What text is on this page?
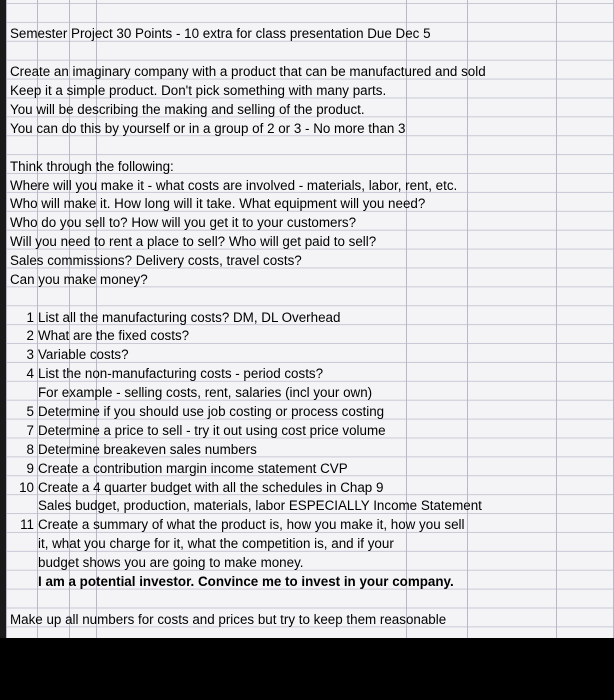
Semester Project 30 Points - 10 extra for class presentation Due Dec 5
Create an imaginary company with a product that can be manufactured and sold
Keep it a simple product. Don't pick something with many parts.
You will be describing the making and selling of the product.
You can do this by yourself or in a group of 2 or 3 - No more than 3
Think through the following:
Where will you make it - what costs are involved - materials, labor, rent, etc.
Who will make it. How long will it take. What equipment will you need?
Who do you sell to? How will you get it to your customers?
Will you need to rent a place to sell? Who will get paid to sell?
Sales commissions? Delivery costs, travel costs?
Can you make money?
1 List all the manufacturing costs? DM, DL Overhead
2 What are the fixed costs?
3 Variable costs?
4 List the non-manufacturing costs - period costs?
For example - selling costs, rent, salaries (incl your own)
5 Determine if you should use job costing or process costing
7 Determine a price to sell - try it out using cost price volume
8 Determine breakeven sales numbers
9 Create a contribution margin income statement CVP
10 Create a 4 quarter budget with all the schedules in Chap 9
Sales budget, production, materials, labor ESPECIALLY Income Statement
11 Create a summary of what the product is, how you make it, how you sell
it, what you charge for it, what the competition is, and if your
budget shows you are going to make money.
I am a potential investor. Convince me to invest in your company.
Make up all numbers for costs and prices but try to keep them reasonable
